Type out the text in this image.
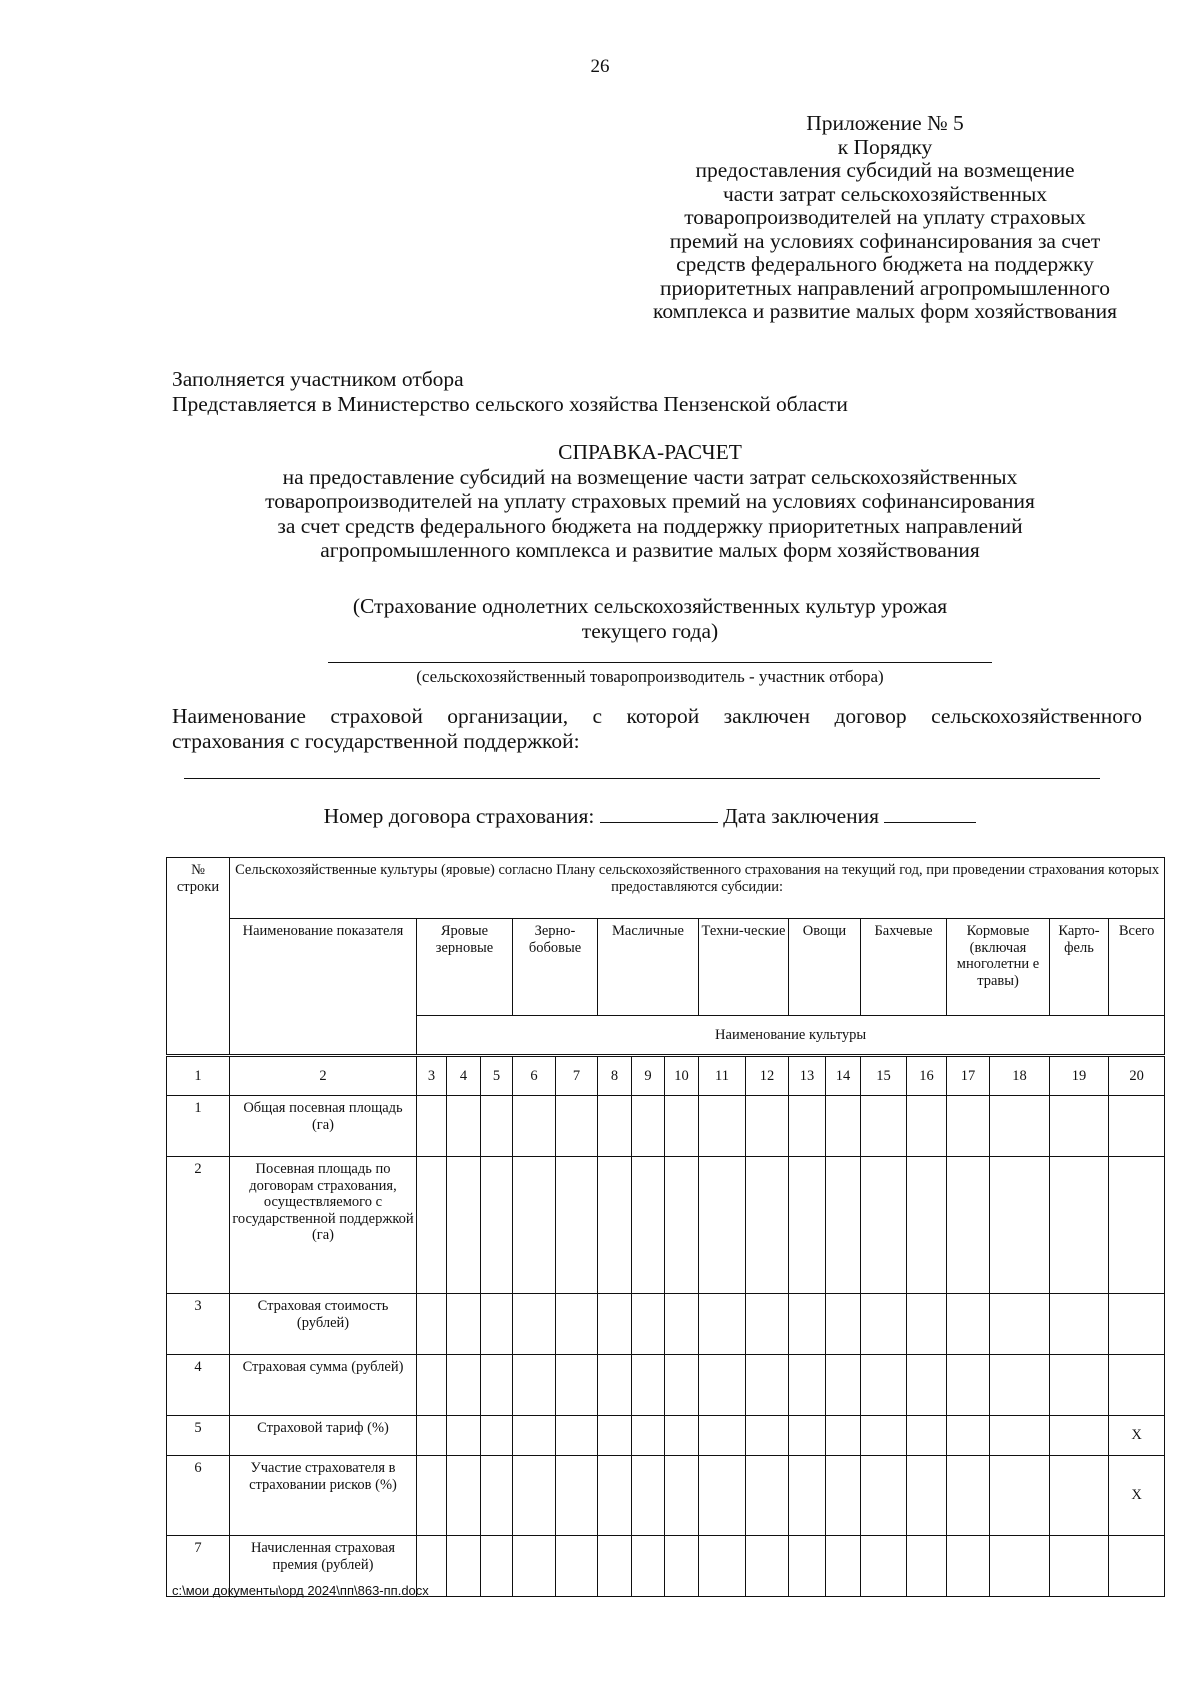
26
Приложение № 5
к Порядку
предоставления субсидий на возмещение
части затрат сельскохозяйственных
товаропроизводителей на уплату страховых
премий на условиях софинансирования за счет
средств федерального бюджета на поддержку
приоритетных направлений агропромышленного
комплекса и развитие малых форм хозяйствования
Заполняется участником отбора
Представляется в Министерство сельского хозяйства Пензенской области
СПРАВКА-РАСЧЕТ
на предоставление субсидий на возмещение части затрат сельскохозяйственных
товаропроизводителей на уплату страховых премий на условиях софинансирования
за счет средств федерального бюджета на поддержку приоритетных направлений
агропромышленного комплекса и развитие малых форм хозяйствования
(Страхование однолетних сельскохозяйственных культур урожая
текущего года)
(сельскохозяйственный товаропроизводитель - участник отбора)
Наименование страховой организации, с которой заключен договор сельскохозяйственного
страхования с государственной поддержкой:
Номер договора страхования:	Дата заключения
№ строки	Сельскохозяйственные культуры (яровые) согласно Плану сельскохозяйственного страхования на текущий год, при проведении страхования которых предоставляются субсидии:																		
	Наименование показателя	Яровые зерновые			Зерно-бобовые		Масличные			Техни-ческие		Овощи		Бахчевые		Кормовые (включая многолетни е травы)		Карто-фель	Всего
		Наименование культуры																	
1	2	3	4	5	6	7	8	9	10	11	12	13	14	15	16	17	18	19	20
1	Общая посевная площадь (га)																		
2	Посевная площадь по договорам страхования, осуществляемого с государственной поддержкой (га)																		
3	Страховая стоимость (рублей)																		
4	Страховая сумма (рублей)																		
5	Страховой тариф (%)																		Х
6	Участие страхователя в страховании рисков (%)																		Х
7	Начисленная страховая премия (рублей)																		
c:\мои документы\орд 2024\пп\863-пп.docx
